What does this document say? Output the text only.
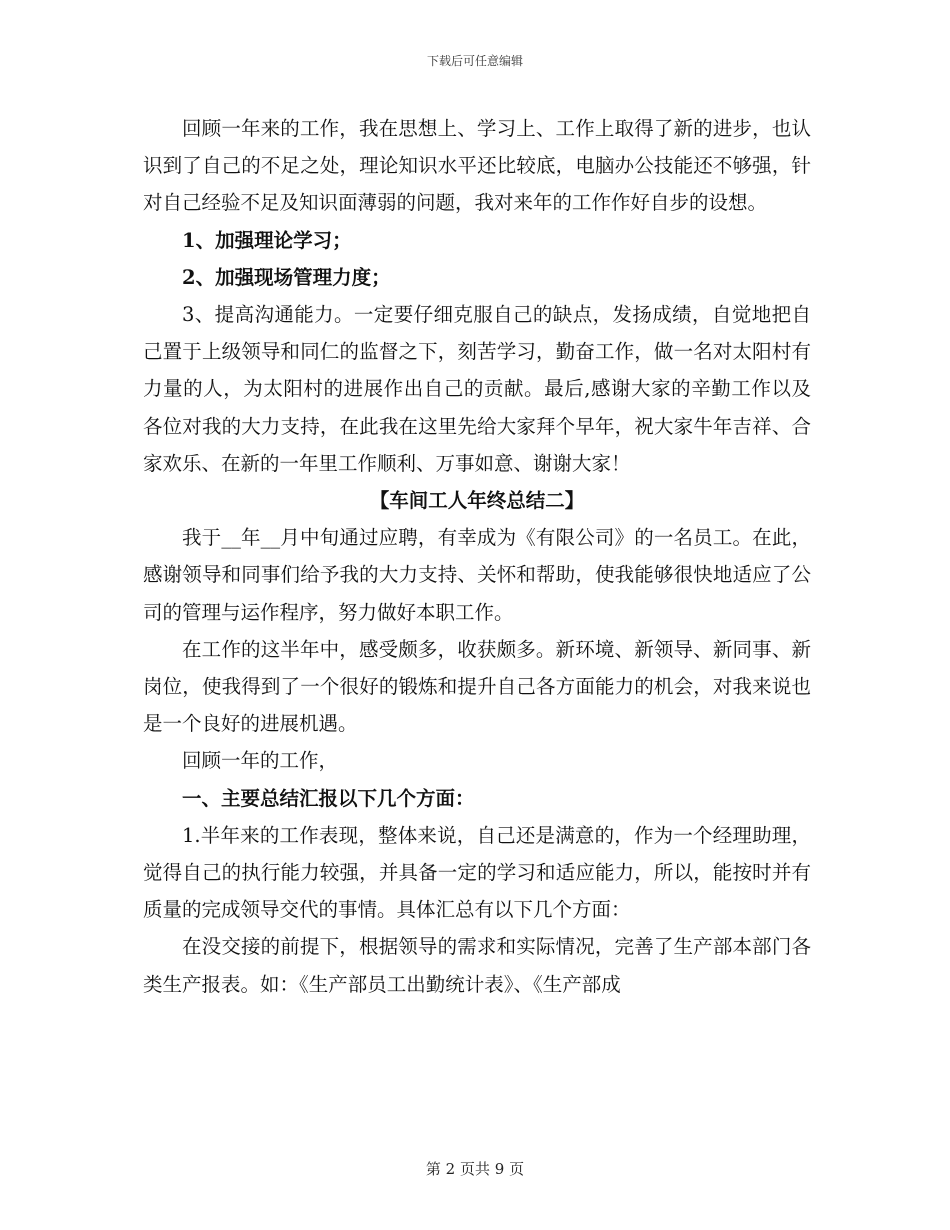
下载后可任意编辑

回顾一年来的工作，我在思想上、学习上、工作上取得了新的进步，也认识到了自己的不足之处，理论知识水平还比较底，电脑办公技能还不够强，针对自己经验不足及知识面薄弱的问题，我对来年的工作作好自步的设想。

1、加强理论学习；

2、加强现场管理力度；

3、提高沟通能力。一定要仔细克服自己的缺点，发扬成绩，自觉地把自己置于上级领导和同仁的监督之下，刻苦学习，勤奋工作，做一名对太阳村有力量的人，为太阳村的进展作出自己的贡献。最后,感谢大家的辛勤工作以及各位对我的大力支持，在此我在这里先给大家拜个早年，祝大家牛年吉祥、合家欢乐、在新的一年里工作顺利、万事如意、谢谢大家！

【车间工人年终总结二】

我于__年__月中旬通过应聘，有幸成为《有限公司》的一名员工。在此，感谢领导和同事们给予我的大力支持、关怀和帮助，使我能够很快地适应了公司的管理与运作程序，努力做好本职工作。

在工作的这半年中，感受颇多，收获颇多。新环境、新领导、新同事、新岗位，使我得到了一个很好的锻炼和提升自己各方面能力的机会，对我来说也是一个良好的进展机遇。

回顾一年的工作，

一、主要总结汇报以下几个方面：

1.半年来的工作表现，整体来说，自己还是满意的，作为一个经理助理，觉得自己的执行能力较强，并具备一定的学习和适应能力，所以，能按时并有质量的完成领导交代的事情。具体汇总有以下几个方面：

在没交接的前提下，根据领导的需求和实际情况，完善了生产部本部门各类生产报表。如：《生产部员工出勤统计表》、《生产部成

第 2 页共 9 页
